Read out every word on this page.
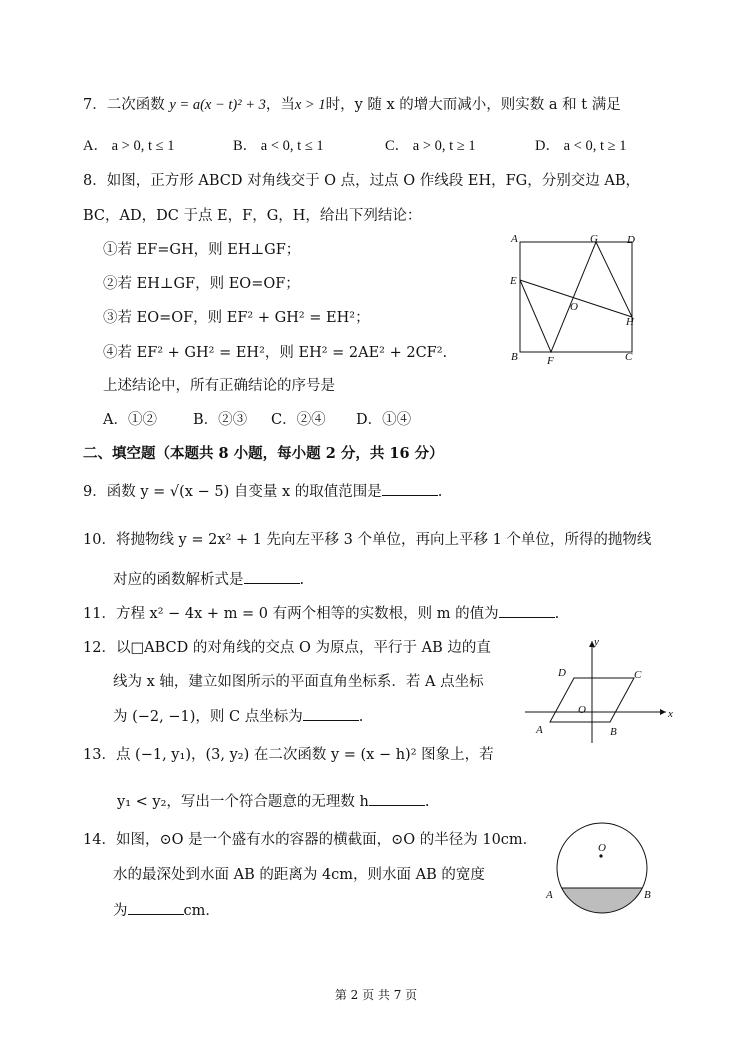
7．二次函数 y = a(x − t)² + 3，当x > 1时，y 随 x 的增大而减小，则实数 a 和 t 满足
A． a > 0, t ≤ 1	B． a < 0, t ≤ 1	C． a > 0, t ≥ 1	D． a < 0, t ≥ 1
8．如图，正方形 ABCD 对角线交于 O 点，过点 O 作线段 EH，FG，分别交边 AB，
BC，AD，DC 于点 E，F，G，H，给出下列结论：
①若 EF=GH，则 EH⊥GF；
②若 EH⊥GF，则 EO=OF；
③若 EO=OF，则 EF² + GH² = EH²；
④若 EF² + GH² = EH²，则 EH² = 2AE² + 2CF².
上述结论中，所有正确结论的序号是
A．①② B．②③ C．②④ D．①④
A
B	C
D
E
F
G
H
O
二、填空题（本题共 8 小题，每小题 2 分，共 16 分）
9．函数 y = √(x − 5) 自变量 x 的取值范围是	.
10．将抛物线 y = 2x² + 1 先向左平移 3 个单位，再向上平移 1 个单位，所得的抛物线
对应的函数解析式是	.
11．方程 x² − 4x + m = 0 有两个相等的实数根，则 m 的值为	.
12．以□ABCD 的对角线的交点 O 为原点，平行于 AB 边的直
线为 x 轴，建立如图所示的平面直角坐标系．若 A 点坐标
为 (−2, −1)，则 C 点坐标为	.	x
y
O
A	B
C
D
13．点 (−1, y₁)，(3, y₂) 在二次函数 y = (x − h)² 图象上，若
y₁ < y₂，写出一个符合题意的无理数 h	.
14．如图，⊙O 是一个盛有水的容器的横截面，⊙O 的半径为 10cm．
水的最深处到水面 AB 的距离为 4cm，则水面 AB 的宽度
为	cm．
O
A	B
第 2 页 共 7 页
